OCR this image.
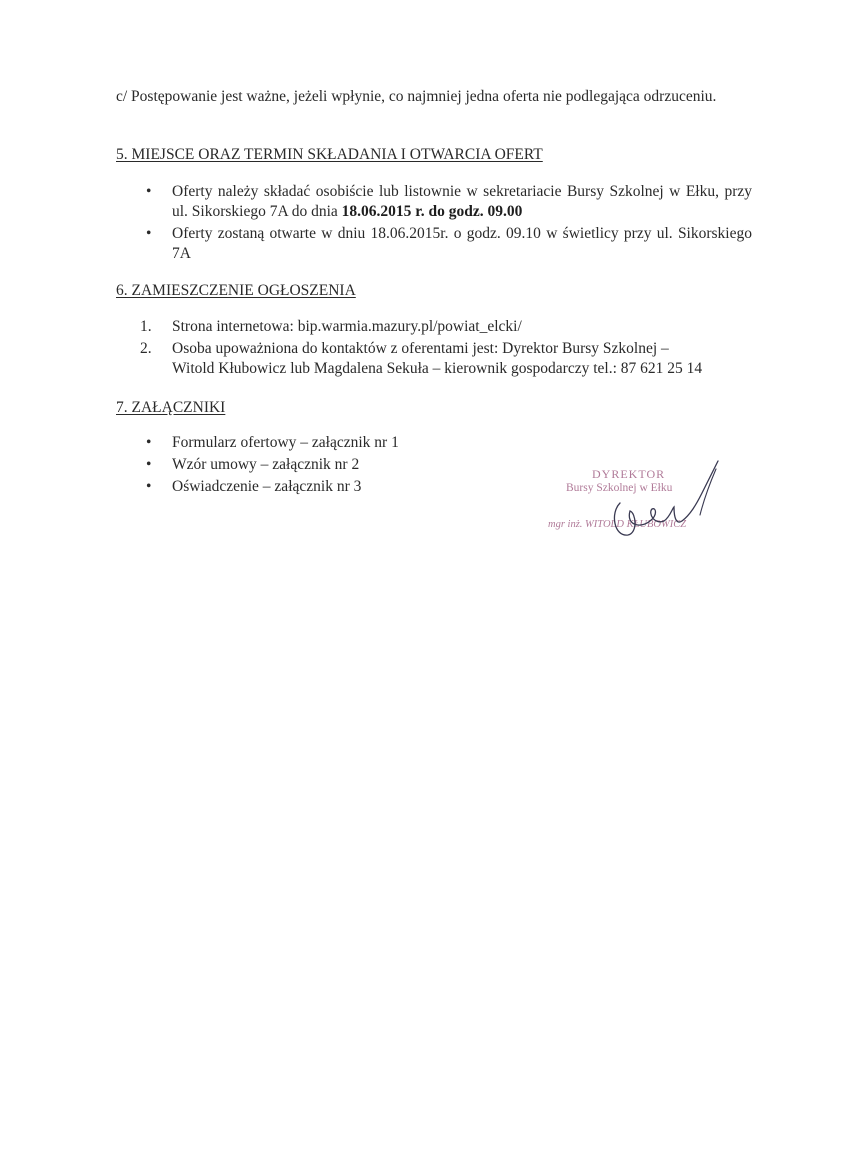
c/ Postępowanie jest ważne, jeżeli wpłynie, co najmniej jedna oferta nie podlegająca odrzuceniu.
5. MIEJSCE ORAZ TERMIN SKŁADANIA I OTWARCIA OFERT
• Oferty należy składać osobiście lub listownie w sekretariacie Bursy Szkolnej w Ełku, przy ul. Sikorskiego 7A do dnia 18.06.2015 r. do godz. 09.00
• Oferty zostaną otwarte w dniu 18.06.2015r. o godz. 09.10 w świetlicy przy ul. Sikorskiego 7A
6. ZAMIESZCZENIE OGŁOSZENIA
1. Strona internetowa: bip.warmia.mazury.pl/powiat_elcki/
2. Osoba upoważniona do kontaktów z oferentami jest: Dyrektor Bursy Szkolnej –
Witold Kłubowicz lub Magdalena Sekuła – kierownik gospodarczy tel.: 87 621 25 14
7. ZAŁĄCZNIKI
• Formularz ofertowy – załącznik nr 1
• Wzór umowy – załącznik nr 2
• Oświadczenie – załącznik nr 3
DYREKTOR
Bursy Szkolnej w Ełku
mgr inż. WITOLD KŁUBOWICZ
